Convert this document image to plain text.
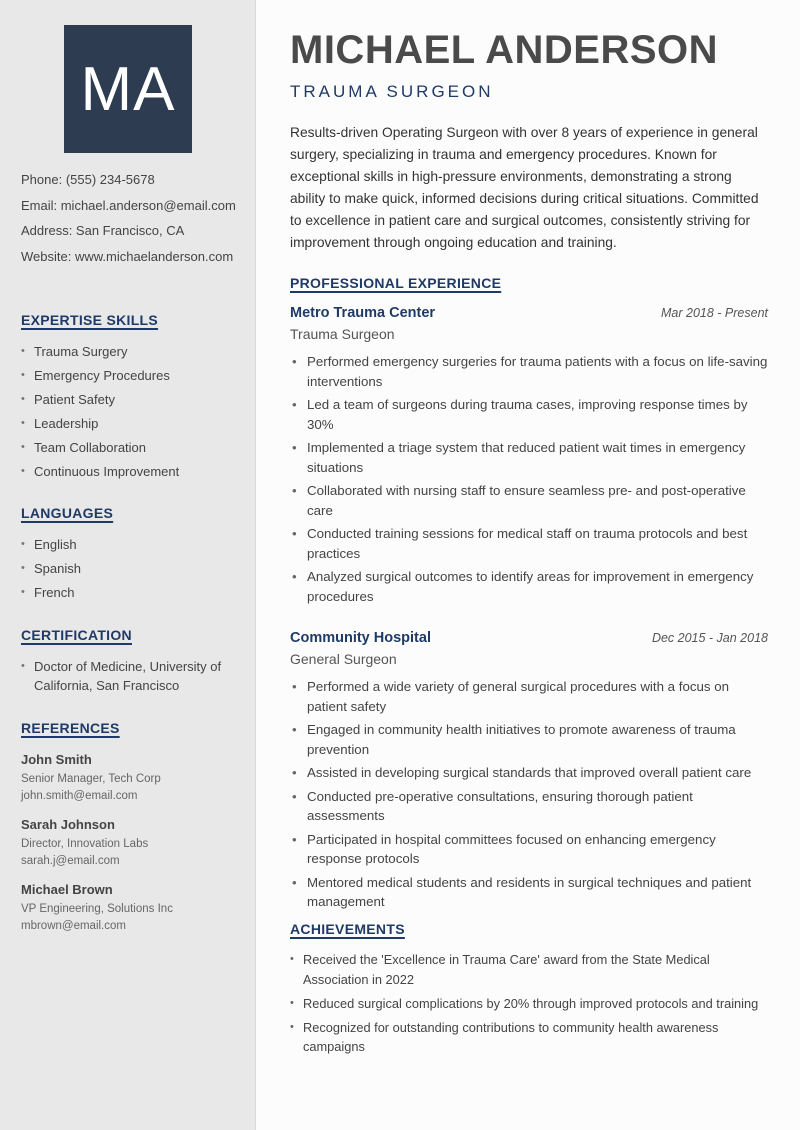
MA
Phone: (555) 234-5678
Email: michael.anderson@email.com
Address: San Francisco, CA
Website: www.michaelanderson.com
EXPERTISE SKILLS
• Trauma Surgery
• Emergency Procedures
• Patient Safety
• Leadership
• Team Collaboration
• Continuous Improvement
LANGUAGES
• English
• Spanish
• French
CERTIFICATION
• Doctor of Medicine, University of California, San Francisco
REFERENCES
John Smith
Senior Manager, Tech Corp
john.smith@email.com
Sarah Johnson
Director, Innovation Labs
sarah.j@email.com
Michael Brown
VP Engineering, Solutions Inc
mbrown@email.com
MICHAEL ANDERSON
TRAUMA SURGEON

Results-driven Operating Surgeon with over 8 years of experience in general surgery, specializing in trauma and emergency procedures. Known for exceptional skills in high-pressure environments, demonstrating a strong ability to make quick, informed decisions during critical situations. Committed to excellence in patient care and surgical outcomes, consistently striving for improvement through ongoing education and training.

PROFESSIONAL EXPERIENCE
Metro Trauma Center	Mar 2018 - Present
Trauma Surgeon
• Performed emergency surgeries for trauma patients with a focus on life-saving interventions
• Led a team of surgeons during trauma cases, improving response times by 30%
• Implemented a triage system that reduced patient wait times in emergency situations
• Collaborated with nursing staff to ensure seamless pre- and post-operative care
• Conducted training sessions for medical staff on trauma protocols and best practices
• Analyzed surgical outcomes to identify areas for improvement in emergency procedures
Community Hospital	Dec 2015 - Jan 2018
General Surgeon
• Performed a wide variety of general surgical procedures with a focus on patient safety
• Engaged in community health initiatives to promote awareness of trauma prevention
• Assisted in developing surgical standards that improved overall patient care
• Conducted pre-operative consultations, ensuring thorough patient assessments
• Participated in hospital committees focused on enhancing emergency response protocols
• Mentored medical students and residents in surgical techniques and patient management
ACHIEVEMENTS
• Received the 'Excellence in Trauma Care' award from the State Medical Association in 2022
• Reduced surgical complications by 20% through improved protocols and training
• Recognized for outstanding contributions to community health awareness campaigns
